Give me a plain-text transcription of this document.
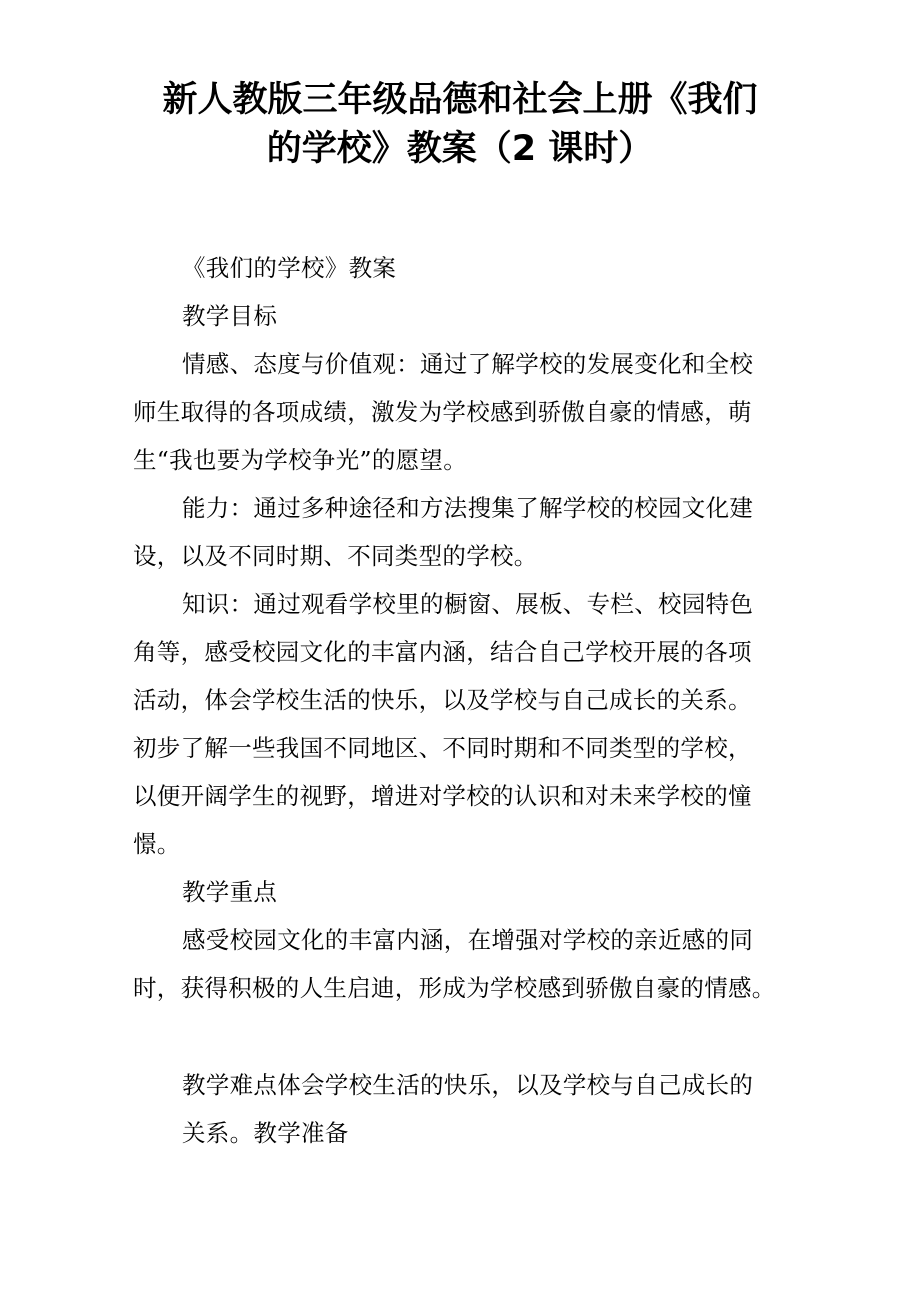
新人教版三年级品德和社会上册《我们
的学校》教案（2 课时）
《我们的学校》教案
教学目标
情感、态度与价值观：通过了解学校的发展变化和全校
师生取得的各项成绩，激发为学校感到骄傲自豪的情感，萌
生“我也要为学校争光”的愿望。
能力：通过多种途径和方法搜集了解学校的校园文化建
设，以及不同时期、不同类型的学校。
知识：通过观看学校里的橱窗、展板、专栏、校园特色
角等，感受校园文化的丰富内涵，结合自己学校开展的各项
活动，体会学校生活的快乐，以及学校与自己成长的关系。
初步了解一些我国不同地区、不同时期和不同类型的学校，
以便开阔学生的视野，增进对学校的认识和对未来学校的憧
憬。
教学重点
感受校园文化的丰富内涵，在增强对学校的亲近感的同
时，获得积极的人生启迪，形成为学校感到骄傲自豪的情感。
教学难点体会学校生活的快乐，以及学校与自己成长的
关系。教学准备
